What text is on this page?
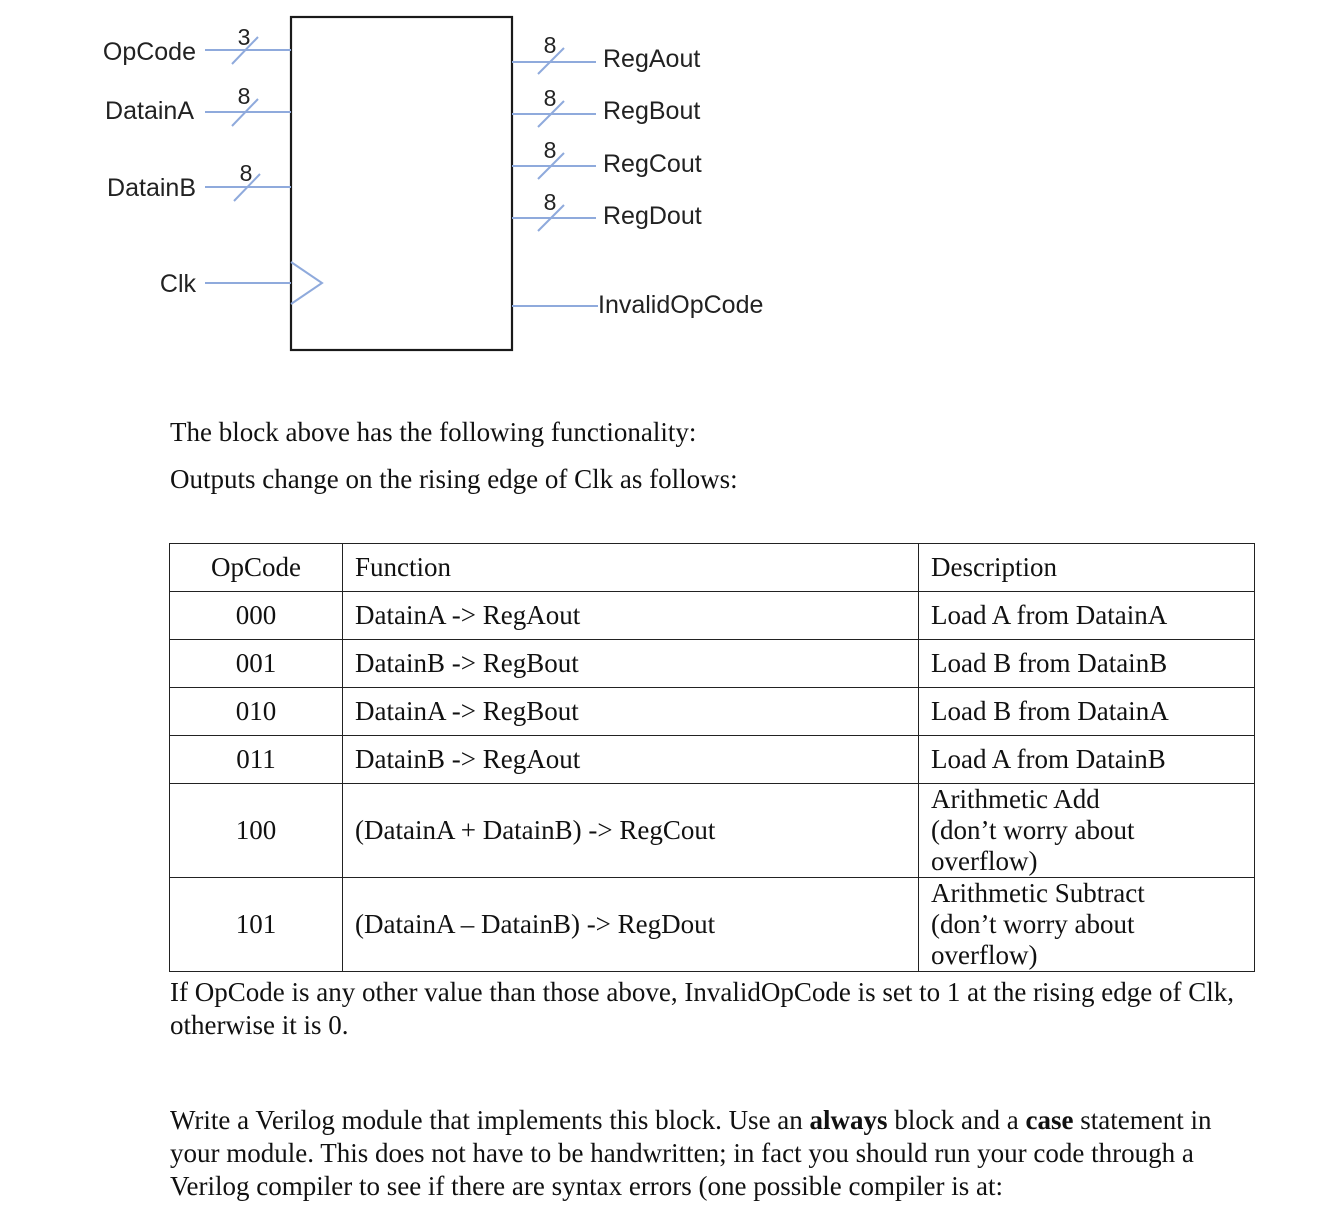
OpCode
DatainA
DatainB
Clk
3
8
8
8
8
8
8
RegAout
RegBout
RegCout
RegDout
InvalidOpCode

The block above has the following functionality:

Outputs change on the rising edge of Clk as follows:

OpCode	Function	Description
000	DatainA -> RegAout	Load A from DatainA
001	DatainB -> RegBout	Load B from DatainB
010	DatainA -> RegBout	Load B from DatainA
011	DatainB -> RegAout	Load A from DatainB
100	(DatainA + DatainB) -> RegCout	Arithmetic Add
(don’t worry about overflow)

101	(DatainA – DatainB) -> RegDout	Arithmetic Subtract
(don’t worry about overflow)

If OpCode is any other value than those above, InvalidOpCode is set to 1 at the rising edge of Clk, otherwise it is 0.

Write a Verilog module that implements this block. Use an always block and a case statement in your module. This does not have to be handwritten; in fact you should run your code through a Verilog compiler to see if there are syntax errors (one possible compiler is at:
